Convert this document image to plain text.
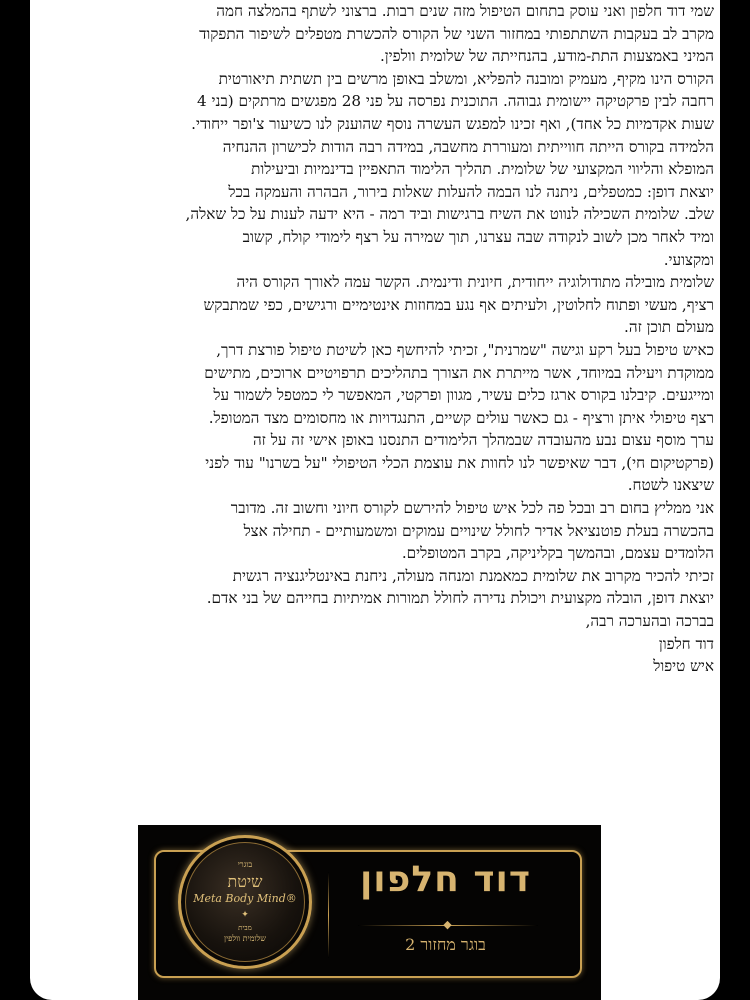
שמי דוד חלפון ואני עוסק בתחום הטיפול מזה שנים רבות. ברצוני לשתף בהמלצה חמה
מקרב לב בעקבות השתתפותי במחזור השני של הקורס להכשרת מטפלים לשיפור התפקוד
המיני באמצעות התת-מודע, בהנחייתה של שלומית וולפין.
הקורס הינו מקיף, מעמיק ומובנה להפליא, ומשלב באופן מרשים בין תשתית תיאורטית
רחבה לבין פרקטיקה יישומית גבוהה. התוכנית נפרסה על פני 28 מפגשים מרתקים (בני 4
שעות אקדמיות כל אחד), ואף זכינו למפגש העשרה נוסף שהוענק לנו כשיעור צ'ופר ייחודי.
הלמידה בקורס הייתה חווייתית ומעוררת מחשבה, במידה רבה הודות לכישרון ההנחיה
המופלא והליווי המקצועי של שלומית. תהליך הלימוד התאפיין בדינמיות וביעילות
יוצאת דופן: כמטפלים, ניתנה לנו הבמה להעלות שאלות בירור, הבהרה והעמקה בכל
שלב. שלומית השכילה לנווט את השיח ברגישות וביד רמה - היא ידעה לענות על כל שאלה,
ומיד לאחר מכן לשוב לנקודה שבה עצרנו, תוך שמירה על רצף לימודי קולח, קשוב
ומקצועי.
שלומית מובילה מתודולוגיה ייחודית, חיונית ודינמית. הקשר עמה לאורך הקורס היה
רציף, מעשי ופתוח לחלוטין, ולעיתים אף נגע במחוזות אינטימיים ורגישים, כפי שמתבקש
מעולם תוכן זה.
כאיש טיפול בעל רקע וגישה "שמרנית", זכיתי להיחשף כאן לשיטת טיפול פורצת דרך,
ממוקדת ויעילה במיוחד, אשר מייתרת את הצורך בתהליכים תרפויטיים ארוכים, מתישים
ומייגעים. קיבלנו בקורס ארגז כלים עשיר, מגוון ופרקטי, המאפשר לי כמטפל לשמור על
רצף טיפולי איתן ורציף - גם כאשר עולים קשיים, התנגדויות או מחסומים מצד המטופל.
ערך מוסף עצום נבע מהעובדה שבמהלך הלימודים התנסנו באופן אישי זה על זה
(פרקטיקום חי), דבר שאיפשר לנו לחוות את עוצמת הכלי הטיפולי "על בשרנו" עוד לפני
שיצאנו לשטח.
אני ממליץ בחום רב ובכל פה לכל איש טיפול להירשם לקורס חיוני וחשוב זה. מדובר
בהכשרה בעלת פוטנציאל אדיר לחולל שינויים עמוקים ומשמעותיים - תחילה אצל
הלומדים עצמם, ובהמשך בקליניקה, בקרב המטופלים.
זכיתי להכיר מקרוב את שלומית כמאמנת ומנחה מעולה, ניחנת באינטליגנציה רגשית
יוצאת דופן, הובלה מקצועית ויכולת נדירה לחולל תמורות אמיתיות בחייהם של בני אדם.
בברכה ובהערכה רבה,
דוד חלפון
איש טיפול
בוגרי
שיטת
Meta Body Mind®
✦
מבית
שלומית וולפין
דוד חלפון
◆
בוגר מחזור 2
